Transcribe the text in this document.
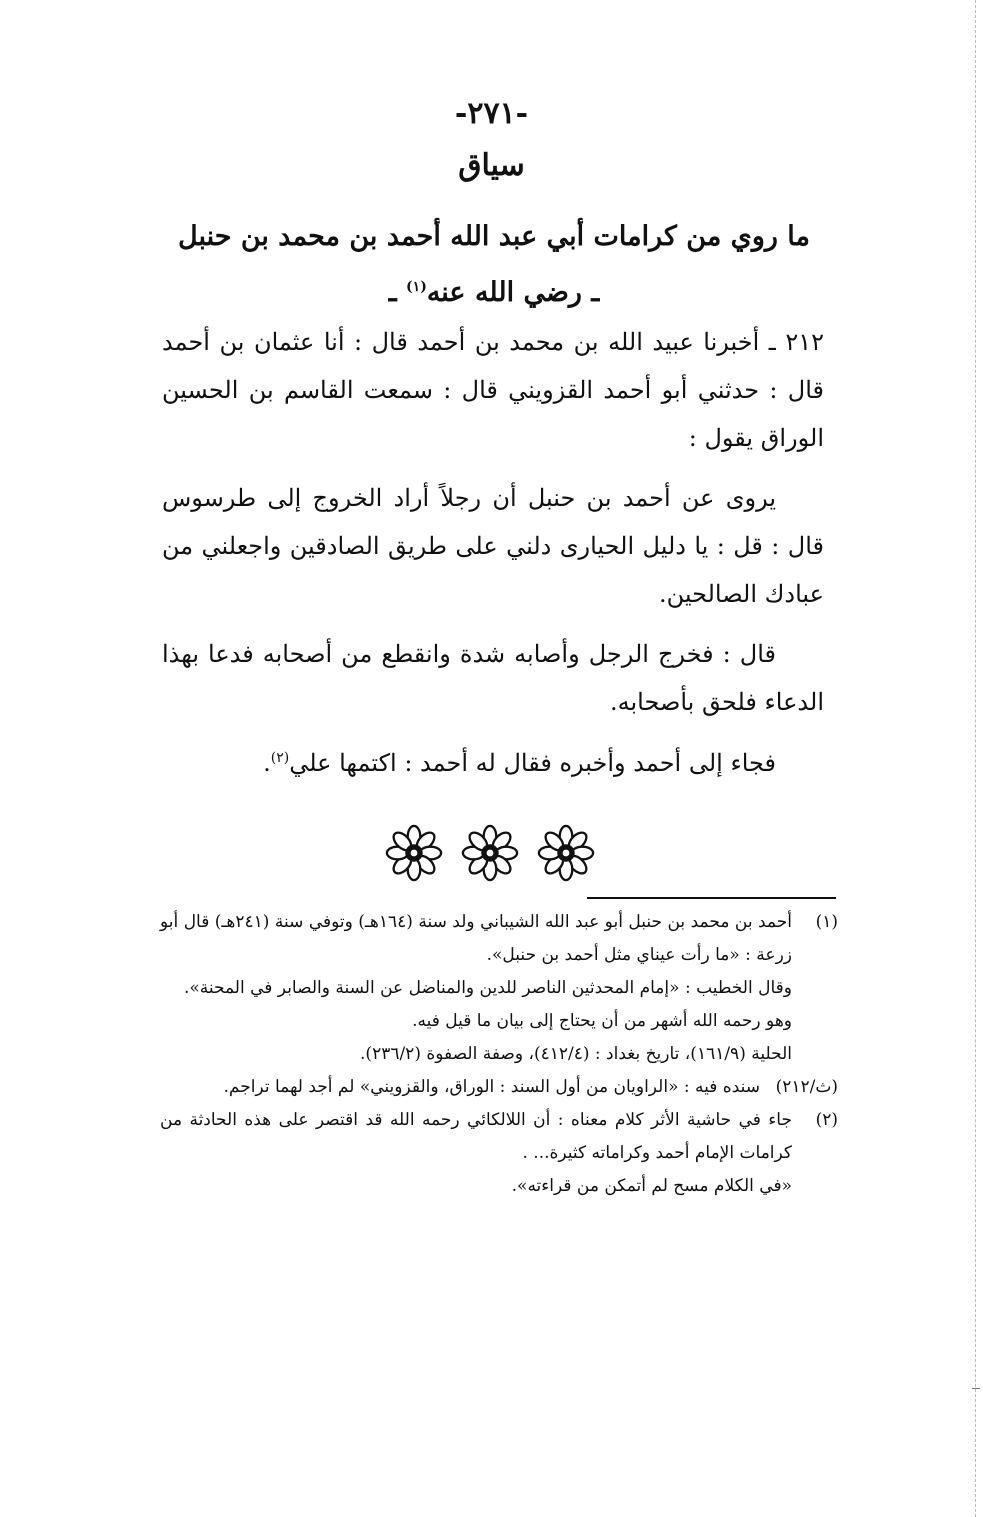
-٢٧١-
سياق
ما روي من كرامات أبي عبد الله أحمد بن محمد بن حنبل
ـ رضي الله عنه$^{(١)}$ ـ
٢١٢ ـ أخبرنا عبيد الله بن محمد بن أحمد قال : أنا عثمان بن أحمد قال : حدثني أبو أحمد القزويني قال : سمعت القاسم بن الحسين الوراق يقول :
يروى عن أحمد بن حنبل أن رجلاً أراد الخروج إلى طرسوس قال : قل : يا دليل الحيارى دلني على طريق الصادقين واجعلني من عبادك الصالحين.
قال : فخرج الرجل وأصابه شدة وانقطع من أصحابه فدعا بهذا الدعاء فلحق بأصحابه.
فجاء إلى أحمد وأخبره فقال له أحمد : اكتمها علي$^{(٢)}$.
(١)
أحمد بن محمد بن حنبل أبو عبد الله الشيباني ولد سنة (١٦٤هـ) وتوفي سنة (٢٤١هـ) قال أبو زرعة : «ما رأت عيناي مثل أحمد بن حنبل».
وقال الخطيب : «إمام المحدثين الناصر للدين والمناضل عن السنة والصابر في المحنة».
وهو رحمه الله أشهر من أن يحتاج إلى بيان ما قيل فيه.
الحلية (١٦١/٩)، تاريخ بغداد : (٤١٢/٤)، وصفة الصفوة (٢٣٦/٢).
(ث/٢١٢)
سنده فيه : «الراويان من أول السند : الوراق، والقزويني» لم أجد لهما تراجم.
(٢)
جاء في حاشية الأثر كلام معناه : أن اللالكائي رحمه الله قد اقتصر على هذه الحادثة من كرامات الإمام أحمد وكراماته كثيرة... .
«في الكلام مسح لم أتمكن من قراءته».
